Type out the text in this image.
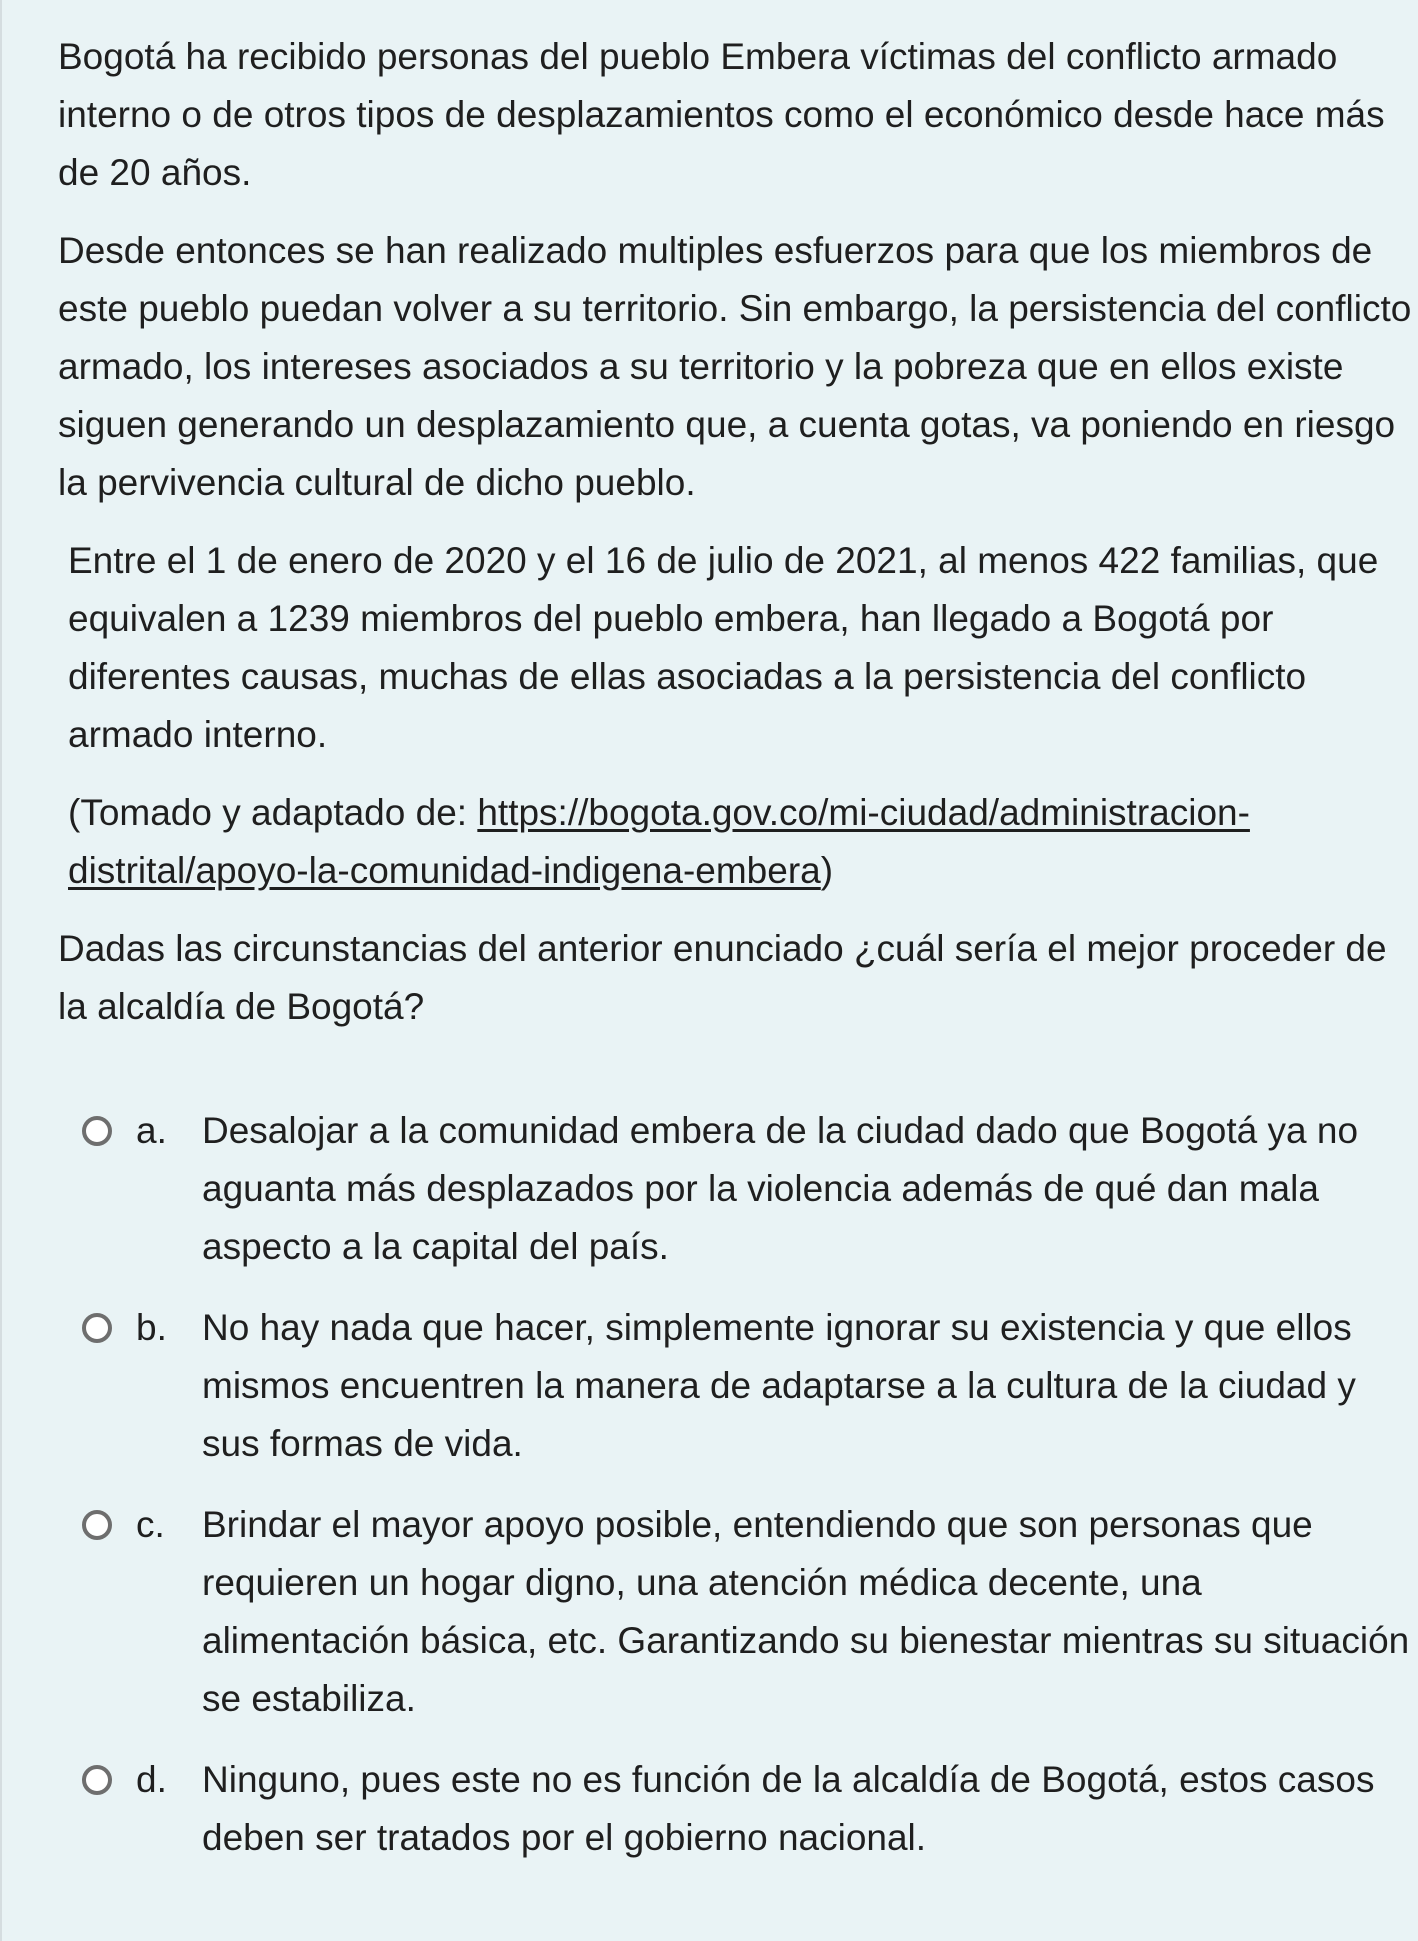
Bogotá ha recibido personas del pueblo Embera víctimas del conflicto armado interno o de otros tipos de desplazamientos como el económico desde hace más de 20 años.

Desde entonces se han realizado multiples esfuerzos para que los miembros de este pueblo puedan volver a su territorio. Sin embargo, la persistencia del conflicto armado, los intereses asociados a su territorio y la pobreza que en ellos existe siguen generando un desplazamiento que, a cuenta gotas, va poniendo en riesgo la pervivencia cultural de dicho pueblo.

Entre el 1 de enero de 2020 y el 16 de julio de 2021, al menos 422 familias, que equivalen a 1239 miembros del pueblo embera, han llegado a Bogotá por diferentes causas, muchas de ellas asociadas a la persistencia del conflicto armado interno.

(Tomado y adaptado de: https://bogota.gov.co/mi-ciudad/administracion-distrital/apoyo-la-comunidad-indigena-embera)

Dadas las circunstancias del anterior enunciado ¿cuál sería el mejor proceder de la alcaldía de Bogotá?

a. Desalojar a la comunidad embera de la ciudad dado que Bogotá ya no aguanta más desplazados por la violencia además de qué dan mala aspecto a la capital del país.
b. No hay nada que hacer, simplemente ignorar su existencia y que ellos mismos encuentren la manera de adaptarse a la cultura de la ciudad y sus formas de vida.
c.	Brindar el mayor apoyo posible, entendiendo que son personas que requieren un hogar digno, una atención médica decente, una alimentación básica, etc. Garantizando su bienestar mientras su situación se estabiliza.
d. Ninguno, pues este no es función de la alcaldía de Bogotá, estos casos deben ser tratados por el gobierno nacional.
